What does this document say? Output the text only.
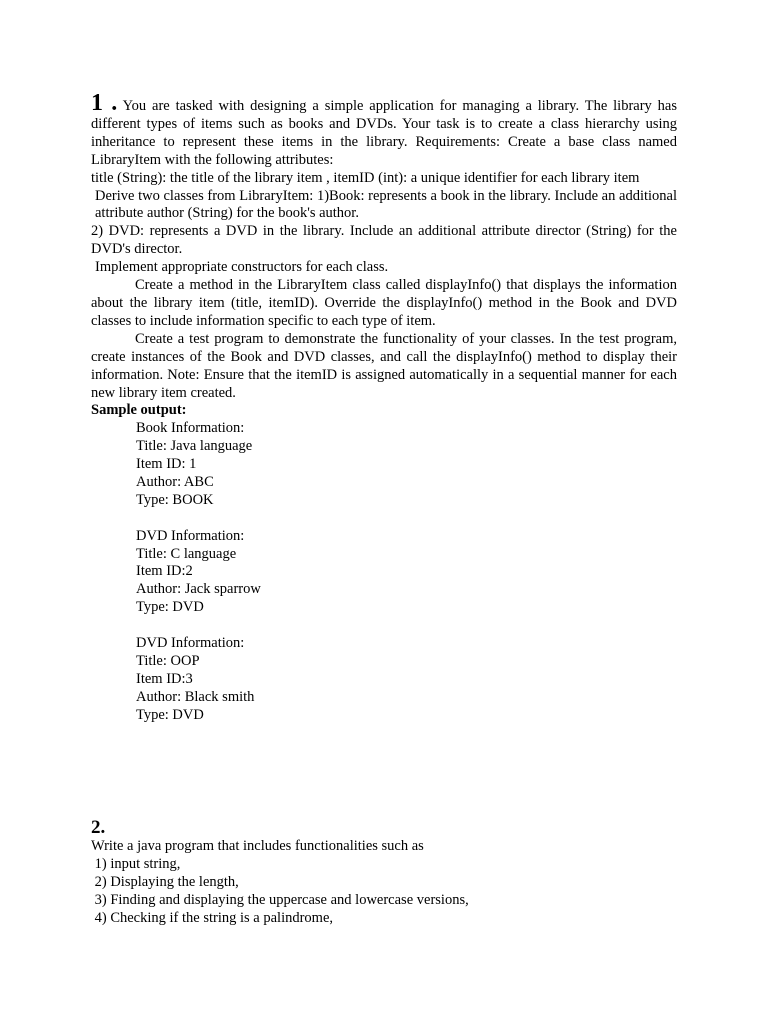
1 . You are tasked with designing a simple application for managing a library. The library has different types of items such as books and DVDs. Your task is to create a class hierarchy using inheritance to represent these items in the library. Requirements: Create a base class named LibraryItem with the following attributes:
title (String): the title of the library item , itemID (int): a unique identifier for each library item
Derive two classes from LibraryItem: 1)Book: represents a book in the library. Include an additional attribute author (String) for the book's author.
2) DVD: represents a DVD in the library. Include an additional attribute director (String) for the DVD's director.
Implement appropriate constructors for each class.
Create a method in the LibraryItem class called displayInfo() that displays the information about the library item (title, itemID). Override the displayInfo() method in the Book and DVD classes to include information specific to each type of item.
Create a test program to demonstrate the functionality of your classes. In the test program, create instances of the Book and DVD classes, and call the displayInfo() method to display their information. Note: Ensure that the itemID is assigned automatically in a sequential manner for each new library item created.
Sample output:
Book Information:
Title: Java language
Item ID: 1
Author: ABC
Type: BOOK
DVD Information:
Title: C language
Item ID:2
Author: Jack sparrow
Type: DVD
DVD Information:
Title: OOP
Item ID:3
Author: Black smith
Type: DVD
2.
Write a java program that includes functionalities such as
1) input string,
2) Displaying the length,
3) Finding and displaying the uppercase and lowercase versions,
4) Checking if the string is a palindrome,
